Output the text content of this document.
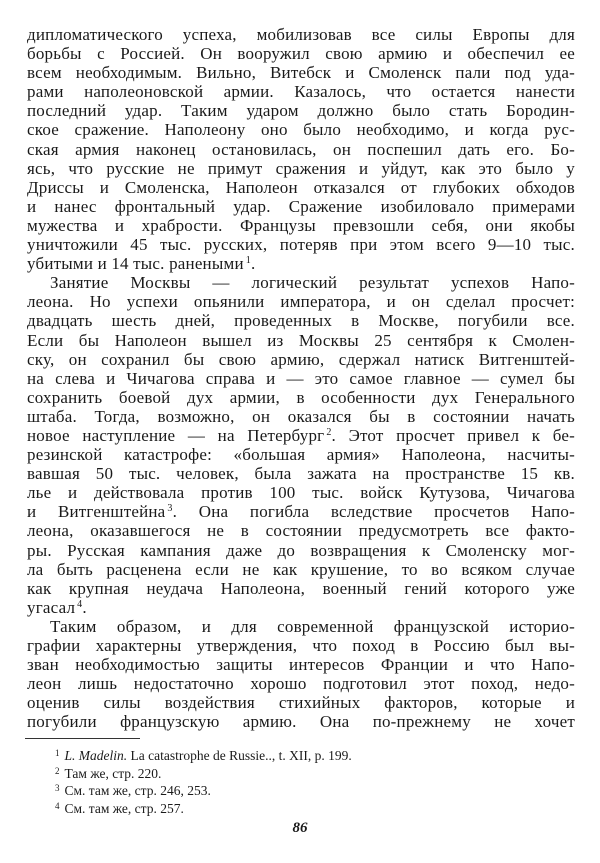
дипломатического успеха, мобилизовав все силы Европы для
борьбы с Россией. Он вооружил свою армию и обеспечил ее
всем необходимым. Вильно, Витебск и Смоленск пали под уда-
рами наполеоновской армии. Казалось, что остается нанести
последний удар. Таким ударом должно было стать Бородин-
ское сражение. Наполеону оно было необходимо, и когда рус-
ская армия наконец остановилась, он поспешил дать его. Бо-
ясь, что русские не примут сражения и уйдут, как это было у
Дриссы и Смоленска, Наполеон отказался от глубоких обходов
и нанес фронтальный удар. Сражение изобиловало примерами
мужества и храбрости. Французы превзошли себя, они якобы
уничтожили 45 тыс. русских, потеряв при этом всего 9—10 тыс.
убитыми и 14 тыс. ранеными $^1$.
Занятие Москвы — логический результат успехов Напо-
леона. Но успехи опьянили императора, и он сделал просчет:
двадцать шесть дней, проведенных в Москве, погубили все.
Если бы Наполеон вышел из Москвы 25 сентября к Смолен-
ску, он сохранил бы свою армию, сдержал натиск Витгенштей-
на слева и Чичагова справа и — это самое главное — сумел бы
сохранить боевой дух армии, в особенности дух Генерального
штаба. Тогда, возможно, он оказался бы в состоянии начать
новое наступление — на Петербург $^2$. Этот просчет привел к бе-
резинской катастрофе: «большая армия» Наполеона, насчиты-
вавшая 50 тыс. человек, была зажата на пространстве 15 кв.
лье и действовала против 100 тыс. войск Кутузова, Чичагова
и Витгенштейна $^3$. Она погибла вследствие просчетов Напо-
леона, оказавшегося не в состоянии предусмотреть все факто-
ры. Русская кампания даже до возвращения к Смоленску мог-
ла быть расценена если не как крушение, то во всяком случае
как крупная неудача Наполеона, военный гений которого уже
угасал $^4$.
Таким образом, и для современной французской историо-
графии характерны утверждения, что поход в Россию был вы-
зван необходимостью защиты интересов Франции и что Напо-
леон лишь недостаточно хорошо подготовил этот поход, недо-
оценив силы воздействия стихийных факторов, которые и
погубили французскую армию. Она по-прежнему не хочет
$^1$ L. Madelin. La catastrophe de Russie.., t. XII, p. 199.
$^2$ Там же, стр. 220.
$^3$ См. там же, стр. 246, 253.
$^4$ См. там же, стр. 257.
86
